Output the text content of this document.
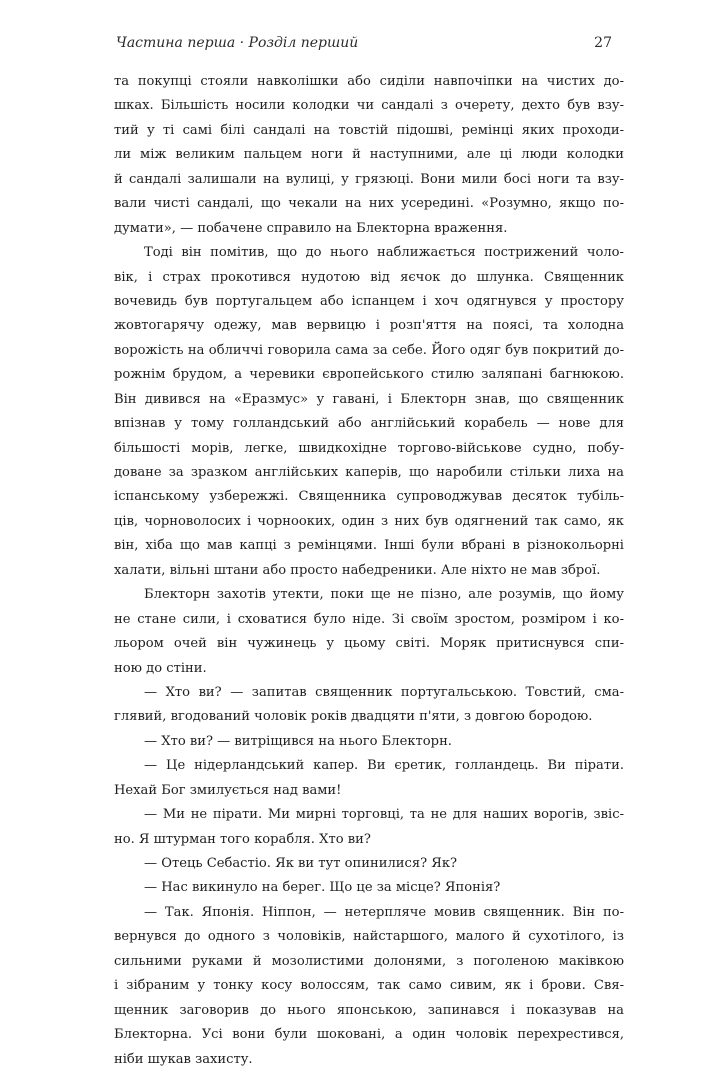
Частина перша · Розділ перший	27
та покупці стояли навколішки або сиділи навпочіпки на чистих до-
шках. Більшість носили колодки чи сандалі з очерету, дехто був взу-
тий у ті самі білі сандалі на товстій підошві, ремінці яких проходи-
ли між великим пальцем ноги й наступними, але ці люди колодки
й сандалі залишали на вулиці, у грязюці. Вони мили босі ноги та взу-
вали чисті сандалі, що чекали на них усередині. «Розумно, якщо по-
думати», — побачене справило на Блекторна враження.
Тоді він помітив, що до нього наближається пострижений чоло-
вік, і страх прокотився нудотою від яєчок до шлунка. Священник
вочевидь був португальцем або іспанцем і хоч одягнувся у простору
жовтогарячу одежу, мав вервицю і розп'яття на поясі, та холодна
ворожість на обличчі говорила сама за себе. Його одяг був покритий до-
рожнім брудом, а черевики європейського стилю заляпані багнюкою.
Він дивився на «Еразмус» у гавані, і Блекторн знав, що священник
впізнав у тому голландський або англійський корабель — нове для
більшості морів, легке, швидкохідне торгово-військове судно, побу-
доване за зразком англійських каперів, що наробили стільки лиха на
іспанському узбережжі. Священника супроводжував десяток тубіль-
ців, чорноволосих і чорнооких, один з них був одягнений так само, як
він, хіба що мав капці з ремінцями. Інші були вбрані в різнокольорні
халати, вільні штани або просто набедреники. Але ніхто не мав зброї.
Блекторн захотів утекти, поки ще не пізно, але розумів, що йому
не стане сили, і сховатися було ніде. Зі своїм зростом, розміром і ко-
льором очей він чужинець у цьому світі. Моряк притиснувся спи-
ною до стіни.
— Хто ви? — запитав священник португальською. Товстий, сма-
глявий, вгодований чоловік років двадцяти п'яти, з довгою бородою.
— Хто ви? — витріщився на нього Блекторн.
— Це нідерландський капер. Ви єретик, голландець. Ви пірати.
Нехай Бог змилується над вами!
— Ми не пірати. Ми мирні торговці, та не для наших ворогів, звіс-
но. Я штурман того корабля. Хто ви?
— Отець Себастіо. Як ви тут опинилися? Як?
— Нас викинуло на берег. Що це за місце? Японія?
— Так. Японія. Ніппон, — нетерпляче мовив священник. Він по-
вернувся до одного з чоловіків, найстаршого, малого й сухотілого, із
сильними руками й мозолистими долонями, з поголеною маківкою
і зібраним у тонку косу волоссям, так само сивим, як і брови. Свя-
щенник заговорив до нього японською, запинався і показував на
Блекторна. Усі вони були шоковані, а один чоловік перехрестився,
ніби шукав захисту.
